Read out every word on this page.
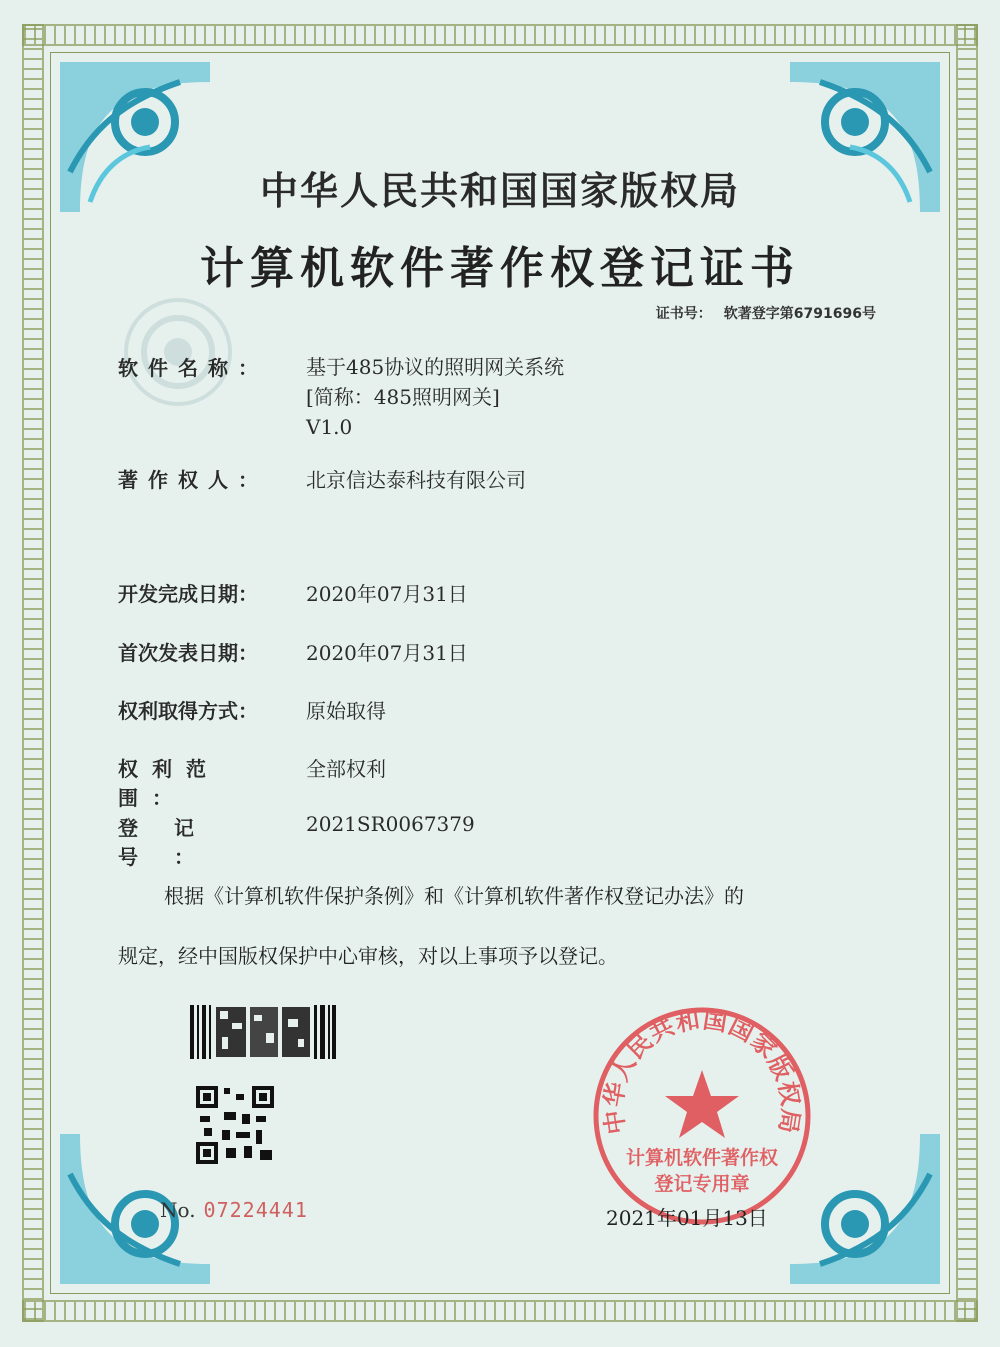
中华人民共和国国家版权局
计算机软件著作权登记证书
证书号： 软著登字第6791696号
软件名称：	基于485协议的照明网关系统
[简称：485照明网关]
V1.0
著作权人：	北京信达泰科技有限公司
开发完成日期：	2020年07月31日
首次发表日期：	2020年07月31日
权利取得方式：	原始取得
权利范围：
全部权利
登记号：
2021SR0067379
根据《计算机软件保护条例》和《计算机软件著作权登记办法》的
规定，经中国版权保护中心审核，对以上事项予以登记。
No. 07224441
中华人民共和国国家版权局
计算机软件著作权
登记专用章
2021年01月13日
